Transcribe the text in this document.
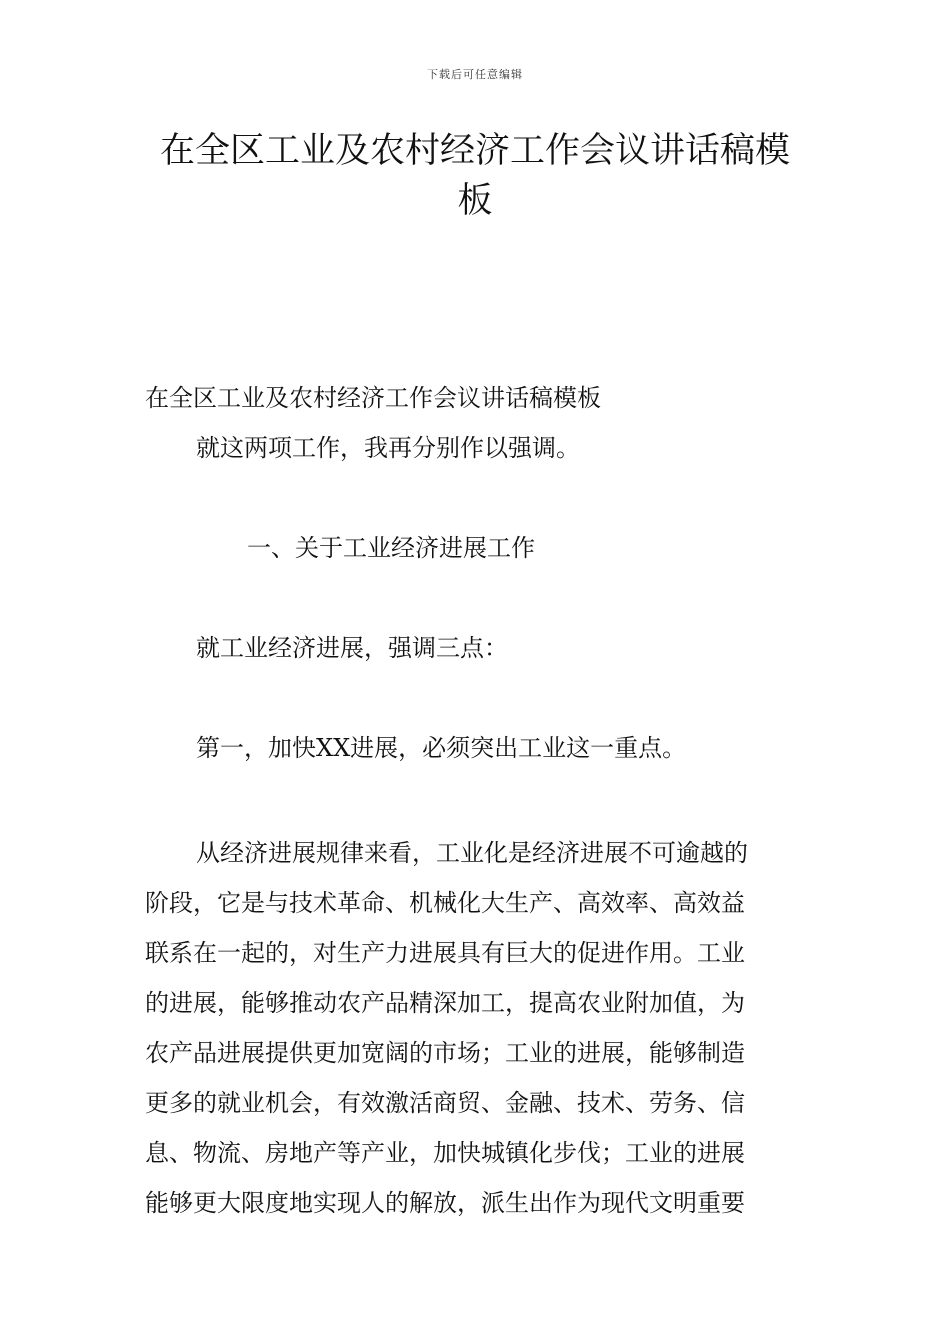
下载后可任意编辑
在全区工业及农村经济工作会议讲话稿模板
在全区工业及农村经济工作会议讲话稿模板
就这两项工作，我再分别作以强调。
一、关于工业经济进展工作
就工业经济进展，强调三点：
第一，加快XX进展，必须突出工业这一重点。
从经济进展规律来看，工业化是经济进展不可逾越的
阶段，它是与技术革命、机械化大生产、高效率、高效益
联系在一起的，对生产力进展具有巨大的促进作用。工业
的进展，能够推动农产品精深加工，提高农业附加值，为
农产品进展提供更加宽阔的市场；工业的进展，能够制造
更多的就业机会，有效激活商贸、金融、技术、劳务、信
息、物流、房地产等产业，加快城镇化步伐；工业的进展
能够更大限度地实现人的解放，派生出作为现代文明重要
